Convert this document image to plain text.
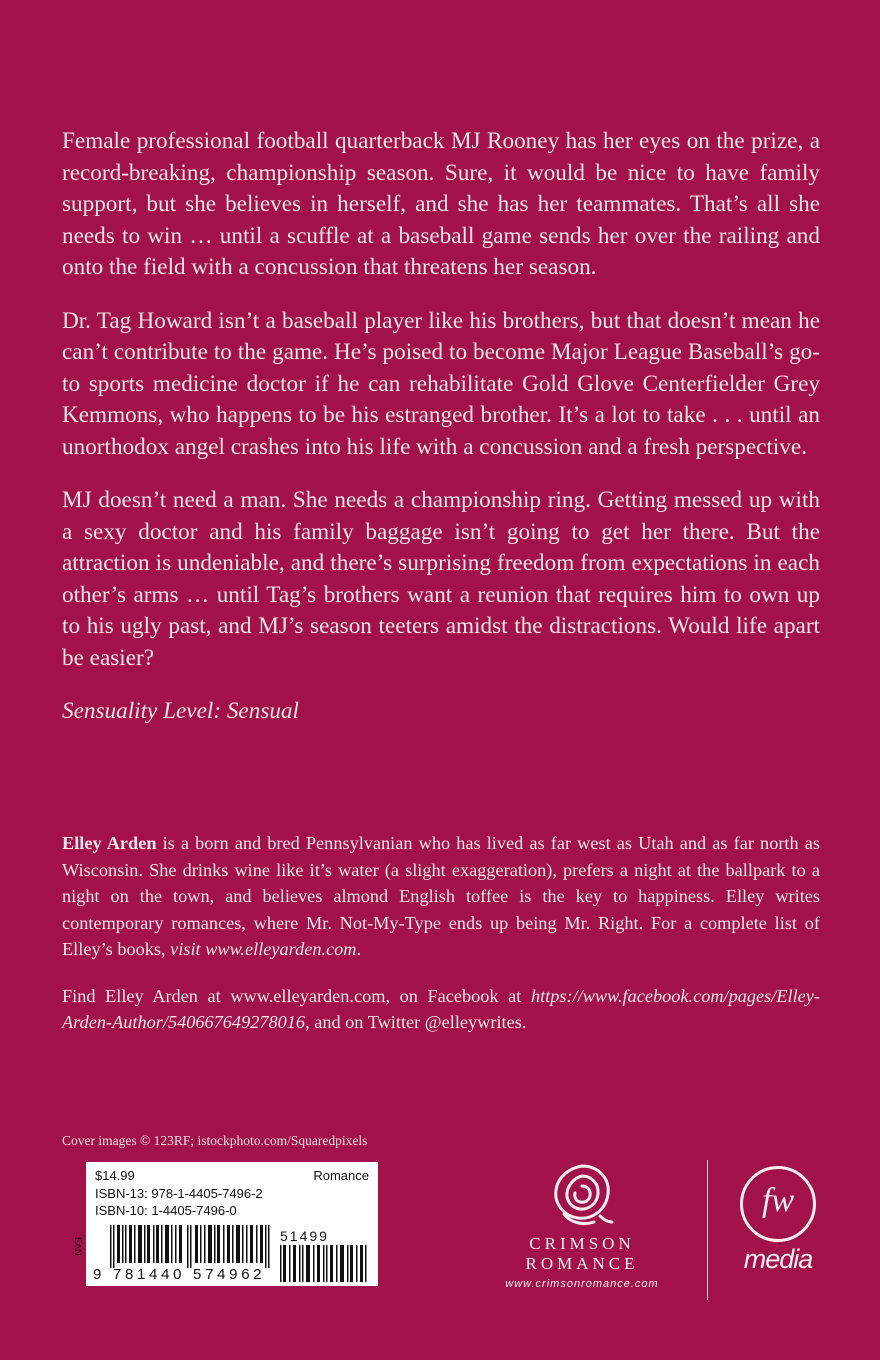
Female professional football quarterback MJ Rooney has her eyes on the prize, a record-breaking, championship season. Sure, it would be nice to have family support, but she believes in herself, and she has her teammates. That’s all she needs to win … until a scuffle at a baseball game sends her over the railing and onto the field with a concussion that threatens her season.

Dr. Tag Howard isn’t a baseball player like his brothers, but that doesn’t mean he can’t contribute to the game. He’s poised to become Major League Baseball’s go-to sports medicine doctor if he can rehabilitate Gold Glove Centerfielder Grey Kemmons, who happens to be his estranged brother. It’s a lot to take . . . until an unorthodox angel crashes into his life with a concussion and a fresh perspective.

MJ doesn’t need a man. She needs a championship ring. Getting messed up with a sexy doctor and his family baggage isn’t going to get her there. But the attraction is undeniable, and there’s surprising freedom from expectations in each other’s arms … until Tag’s brothers want a reunion that requires him to own up to his ugly past, and MJ’s season teeters amidst the distractions. Would life apart be easier?

Sensuality Level: Sensual

Elley Arden is a born and bred Pennsylvanian who has lived as far west as Utah and as far north as Wisconsin. She drinks wine like it’s water (a slight exaggeration), prefers a night at the ballpark to a night on the town, and believes almond English toffee is the key to happiness. Elley writes contemporary romances, where Mr. Not-My-Type ends up being Mr. Right. For a complete list of Elley’s books, visit www.elleyarden.com.

Find Elley Arden at www.elleyarden.com, on Facebook at https://www.facebook.com/pages/Elley-Arden-Author/540667649278016, and on Twitter @elleywrites.

Cover images © 123RF; istockphoto.com/Squaredpixels
$14.99	Romance
ISBN-13: 978-1-4405-7496-2
ISBN-10: 1-4405-7496-0
EAN
9 781440 574962
51499	CRIMSON
ROMANCE
www.crimsonromance.com
fw
media
